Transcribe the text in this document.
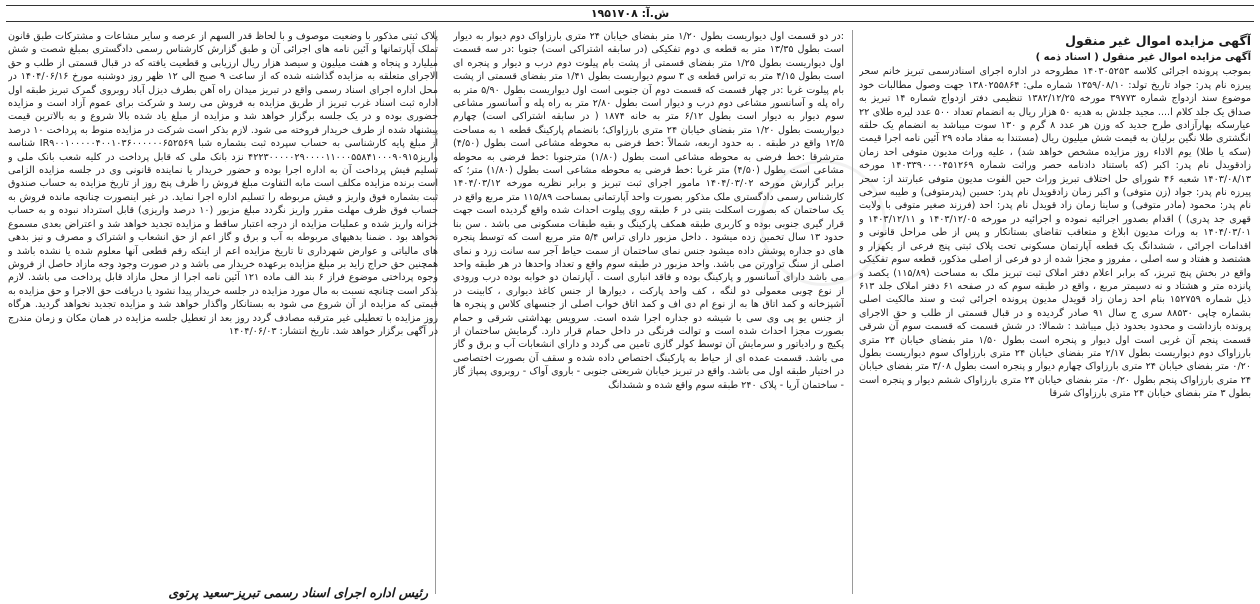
ش.آ: ۱۹۵۱۷۰۸
آگهی مزایده اموال غیر منقول
آگهی مزایده اموال غیر منقول ( اسناد ذمه )

بموجب پرونده اجرائی کلاسه ۱۴۰۳۰۵۲۵۳ مطروحه در اداره اجرای اسنادرسمی تبریز خانم سحر پیرزه نام پدر: جواد تاریخ تولد: ۱۳۵۹/۰۸/۱۰ شماره ملی: ۱۳۸۰۲۵۵۸۶۴ جهت وصول مطالبات خود موضوع سند ازدواج شماره ۳۹۷۷۳ مورخه ۱۳۸۲/۱۲/۲۵ تنظیمی دفتر ازدواج شماره ۱۴ تبریز به صداق یک جلد کلام ا.... مجید جلدش به هدیه ۵۰ هزار ریال به انضمام تعداد ۵۰۰ عدد لیره طلای ۲۲ عیارسکه بهارآزادی طرح جدید که وزن هر عدد ۸ گرم و ۱۳۰ سوت میباشد به انضمام یک حلقه انگشتری طلا نگین برلیان به قیمت شش میلیون ریال (مستندا به مفاد ماده ۲۹ آئین نامه اجرا قیمت (سکه یا طلا) یوم الاداء روز مزایده مشخص خواهد شد) ، علیه وراث مدیون متوفی احد زمان زادقویدل نام پدر: اکبر (که باستناد دادنامه حصر وراثت شماره ۱۴۰۳۳۹۰۰۰۰۴۵۱۲۶۹ مورخه ۱۴۰۳/۰۸/۱۳ شعبه ۴۶ شورای حل اختلاف تبریز وراث حین الفوت مدیون متوفی عبارتند از: سحر پیرزه نام پدر: جواد (زن متوفی) و اکبر زمان زادقویدل نام پدر: حسین (پدرمتوفی) و طیبه سرخی نام پدر: محمود (مادر متوفی) و ساینا زمان زاد قویدل نام پدر: احد (فرزند صغیر متوفی با ولایت قهری جد پدری) ) اقدام بصدور اجرائیه نموده و اجرائیه در مورخه ۱۴۰۳/۱۲/۰۵ و ۱۴۰۳/۱۲/۱۱ و ۱۴۰۴/۰۳/۰۱ به وراث مدیون ابلاغ و متعاقب تقاضای بستانکار و پس از طی مراحل قانونی و اقدامات اجرائی ، ششدانگ یک قطعه آپارتمان مسکونی تحت پلاک ثبتی پنج فرعی از یکهزار و هشتصد و هفتاد و سه اصلی ، مفروز و مجزا شده از دو فرعی از اصلی مذکور، قطعه سوم تفکیکی واقع در بخش پنج تبریز، که برابر اعلام دفتر املاک ثبت تبریز ملک به مساحت (۱۱۵/۸۹) یکصد و پانزده متر و هشتاد و نه دسیمتر مربع ، واقع در طبقه سوم که در صفحه ۶۱ دفتر املاک جلد ۶۱۳ ذیل شماره ۱۵۲۷۵۹ بنام احد زمان زاد قویدل مدیون پرونده اجرائی ثبت و سند مالکیت اصلی بشماره چاپی ۸۸۵۳۰ سری ج سال ۹۱ صادر گردیده و در قبال قسمتی از طلب و حق الاجرای پرونده بازداشت و محدود بحدود ذیل میباشد : شمالا: در شش قسمت که قسمت سوم آن شرقی قسمت پنجم آن غربی است اول دیوار و پنجره است بطول ۱/۵۰ متر بفضای خیابان ۲۴ متری بارزاواک دوم دیواریست بطول ۲/۱۷ متر بفضای خیابان ۲۴ متری بارزاواک سوم دیواریست بطول ۰/۲۰ متر بفضای خیابان ۲۴ متری بارزاواک چهارم دیوار و پنجره است بطول ۳/۰۸ متر بفضای خیابان ۲۴ متری بارزاواک پنجم بطول ۰/۲۰ متر بفضای خیابان ۲۴ متری بارزاواک ششم دیوار و پنجره است بطول ۳ متر بفضای خیابان ۲۴ متری بارزاواک شرقا

:در دو قسمت اول دیواریست بطول ۱/۲۰ متر بفضای خیابان ۲۴ متری بارزاواک دوم دیوار به دیوار است بطول ۱۳/۳۵ متر به قطعه ی دوم تفکیکی (در سابقه اشتراکی است) جنوبا :در سه قسمت اول دیواریست بطول ۱/۲۵ متر بفضای قسمتی از پشت بام پیلوت دوم درب و دیوار و پنجره ای است بطول ۴/۱۵ متر به تراس قطعه ی ۳ سوم دیواریست بطول ۱/۴۱ متر بفضای قسمتی از پشت بام پیلوت غربا :در چهار قسمت که قسمت دوم آن جنوبی است اول دیواریست بطول ۵/۹۰ متر به راه پله و آسانسور مشاعی دوم درب و دیوار است بطول ۲/۸۰ متر به راه پله و آسانسور مشاعی سوم دیوار به دیوار است بطول ۶/۱۲ متر به خانه ۱۸۷۴ ( در سابقه اشتراکی است) چهارم دیواریست بطول ۱/۲۰ متر بفضای خیابان ۲۴ متری بارزاواک؛ بانضمام پارکینگ قطعه ۱ به مساحت ۱۲/۵ واقع در طبقه . به حدود اربعه، شمالاً :خط فرضی به محوطه مشاعی است بطول (۴/۵۰) مترشرقا :خط فرضی به محوطه مشاعی است بطول (۱/۸۰) مترجنوبا :خط فرضی به محوطه مشاعی است بطول (۴/۵۰) متر غربا :خط فرضی به محوطه مشاعی است بطول (۱/۸۰) متر؛ که برابر گزارش مورخه ۱۴۰۴/۰۳/۰۲ مامور اجرای ثبت تبریز و برابر نظریه مورخه ۱۴۰۴/۰۳/۱۲ کارشناس رسمی دادگستری ملک مذکور بصورت واحد آپارتمانی بمساحت ۱۱۵/۸۹ متر مربع واقع در یک ساختمان که بصورت اسکلت بتنی در ۶ طبقه روی پیلوت احداث شده واقع گردیده است جهت قرار گیری جنوبی بوده و کاربری طبقه همکف پارکینگ و بقیه طبقات مسکونی می باشد . سن بنا حدود ۱۳ سال تخمین زده میشود . داخل مزبور دارای تراس ۵/۴ متر مربع است که توسط پنجره های دو جداره پوشش داده میشود جنس نمای ساختمان از سمت حیاط آجر سه سانت زرد و نمای اصلی از سنگ تراورتن می باشد. واحد مزبور در طبقه سوم واقع و تعداد واحدها در هر طبقه واحد می باشد دارای آسانسور و پارکینگ بوده و فاقد انباری است . آپارتمان دو خوابه بوده درب ورودی از نوع چوبی معمولی دو لنگه ، کف واحد پارکت ، دیوارها از جنس کاغذ دیواری ، کابینت در آشپزخانه و کمد اتاق ها به از نوع ام دی اف و کمد اتاق خواب اصلی از جنسهای کلاس و پنجره ها از جنس یو پی وی سی با شیشه دو جداره اجرا شده است. سرویس بهداشتی شرقی و حمام بصورت مجزا احداث شده است و توالت فرنگی در داخل حمام قرار دارد. گرمایش ساختمان از پکیج و رادیاتور و سرمایش آن توسط کولر گازی تامین می گردد و دارای انشعابات آب و برق و گاز می باشد. قسمت عمده ای از حیاط به پارکینگ اختصاص داده شده و سقف آن بصورت اختصاصی در اختیار طبقه اول می باشد. واقع در تبریز خیابان شریعتی جنوبی - باروی آواک - روبروی پمپاژ گاز - ساختمان آریا - پلاک ۲۴۰ طبقه سوم واقع شده و ششدانگ

پلاک ثبتی مذکور با وضعیت موصوف و با لحاظ قدر السهم از عرصه و سایر مشاعات و مشترکات طبق قانون تملک آپارتمانها و آئین نامه های اجرائی آن و طبق گزارش کارشناس رسمی دادگستری بمبلغ شصت و شش میلیارد و پنجاه و هفت میلیون و سیصد هزار ریال ارزیابی و قطعیت یافته که در قبال قسمتی از طلب و حق الاجرای متعلقه به مزایده گذاشته شده که از ساعت ۹ صبح الی ۱۲ ظهر روز دوشنبه مورخ ۱۴۰۴/۰۶/۱۶ در محل اداره اجرای اسناد رسمی واقع در تبریز میدان راه آهن بطرف دیزل آباد روبروی گمرک تبریز طبقه اول اداره ثبت اسناد غرب تبریز از طریق مزایده به فروش می رسد و شرکت برای عموم آزاد است و مزایده حضوری بوده و در یک جلسه برگزار خواهد شد و مزایده از مبلغ یاد شده بالا شروع و به بالاترین قیمت پیشنهاد شده از طرف خریدار فروخته می شود. لازم بذکر است شرکت در مزایده منوط به پرداخت ۱۰ درصد از مبلغ پایه کارشناسی به حساب سپرده ثبت بشماره شبا IR۹۰۰۱۰۰۰۰۰۴۰۰۱۰۳۶۰۰۰۰۰۰۶۵۲۵۶۹ شناسه واریز۴۲۲۳۰۰۰۰۰۲۹۰۰۰۰۱۱۰۰۰۵۵۸۴۱۰۰۰۹۰۹۱۵ نزد بانک ملی که قابل پرداخت در کلیه شعب بانک ملی و تسلیم فیش پرداخت آن به اداره اجرا بوده و حضور خریدار یا نماینده قانونی وی در جلسه مزایده الزامی است برنده مزایده مکلف است مابه التفاوت مبلغ فروش را ظرف پنج روز از تاریخ مزایده به حساب صندوق ثبت بشماره فوق واریز و فیش مربوطه را تسلیم اداره اجرا نماید. در غیر اینصورت چنانچه مانده فروش به حساب فوق ظرف مهلت مقرر واریز نگردد مبلغ مزبور (۱۰ درصد واریزی) قابل استرداد نبوده و به حساب خزانه واریز شده و عملیات مزایده از درجه اعتبار ساقط و مزایده تجدید خواهد شد و اعتراض بعدی مسموع نخواهد بود . ضمنا بدهیهای مربوطه به آب و برق و گاز اعم از حق انشعاب و اشتراک و مصرف و نیز بدهی های مالیاتی و عوارض شهرداری تا تاریخ مزایده اعم از اینکه رقم قطعی آنها معلوم شده یا نشده باشد و همچنین حق حراج زاید بر مبلغ مزایده برعهده خریدار می باشد و در صورت وجود وجه مازاد حاصل از فروش وجوه پرداختی موضوع فراز ۶ بند الف ماده ۱۲۱ آئین نامه اجرا از محل مازاد قابل پرداخت می باشد. لازم بذکر است چنانچه نسبت به مال مورد مزایده در جلسه خریدار پیدا نشود یا دریافت حق الاجرا و حق مزایده به قیمتی که مزایده از آن شروع می شود به بستانکار واگذار خواهد شد و مزایده تجدید نخواهد گردید. هرگاه روز مزایده با تعطیلی غیر مترقبه مصادف گردد روز بعد از تعطیل جلسه مزایده در همان مکان و زمان مندرج در آگهی برگزار خواهد شد. تاریخ انتشار: ۱۴۰۴/۰۶/۰۳

رئیس اداره اجرای اسناد رسمی تبریز-سعید پرتوی
